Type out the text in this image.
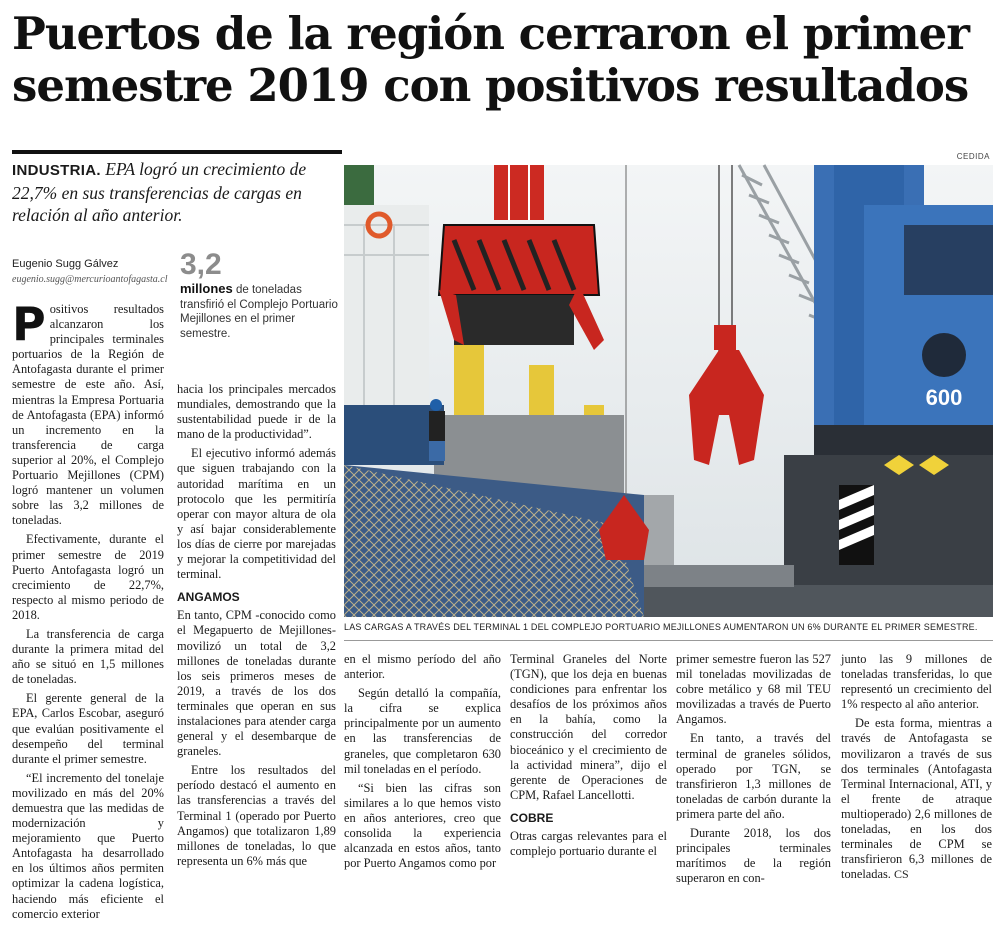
Puertos de la región cerraron el primer
semestre 2019 con positivos resultados
INDUSTRIA. EPA logró un crecimiento de 22,7% en sus transferencias de cargas en relación al año anterior.
CEDIDA
Eugenio Sugg Gálvez
eugenio.sugg@mercurioantofagasta.cl 3,2
millones de toneladas transfirió el Complejo Portuario Mejillones en el primer semestre.
600
LAS CARGAS A TRAVÉS DEL TERMINAL 1 DEL COMPLEJO PORTUARIO MEJILLONES AUMENTARON UN 6% DURANTE EL PRIMER SEMESTRE.

Positivos resultados alcanzaron los principales terminales portuarios de la Región de Antofagasta durante el primer semestre de este año. Así, mientras la Empresa Portuaria de Antofagasta (EPA) informó un incremento en la transferencia de carga superior al 20%, el Complejo Portuario Mejillones (CPM) logró mantener un volumen sobre las 3,2 millones de toneladas.

Efectivamente, durante el primer semestre de 2019 Puerto Antofagasta logró un crecimiento de 22,7%, respecto al mismo periodo de 2018.

La transferencia de carga durante la primera mitad del año se situó en 1,5 millones de toneladas.

El gerente general de la EPA, Carlos Escobar, aseguró que evalúan positivamente el desempeño del terminal durante el primer semestre.

“El incremento del tonelaje movilizado en más del 20% demuestra que las medidas de modernización y mejoramiento que Puerto Antofagasta ha desarrollado en los últimos años permiten optimizar la cadena logística, haciendo más eficiente el comercio exterior

hacia los principales mercados mundiales, demostrando que la sustentabilidad puede ir de la mano de la productividad”.

El ejecutivo informó además que siguen trabajando con la autoridad marítima en un protocolo que les permitiría operar con mayor altura de ola y así bajar considerablemente los días de cierre por marejadas y mejorar la competitividad del terminal.

ANGAMOS

En tanto, CPM -conocido como el Megapuerto de Mejillones- movilizó un total de 3,2 millones de toneladas durante los seis primeros meses de 2019, a través de los dos terminales que operan en sus instalaciones para atender carga general y el desembarque de graneles.

Entre los resultados del período destacó el aumento en las transferencias a través del Terminal 1 (operado por Puerto Angamos) que totalizaron 1,89 millones de toneladas, lo que representa un 6% más que

en el mismo período del año anterior.

Según detalló la compañía, la cifra se explica principalmente por un aumento en las transferencias de graneles, que completaron 630 mil toneladas en el período.

“Si bien las cifras son similares a lo que hemos visto en años anteriores, creo que consolida la experiencia alcanzada en estos años, tanto por Puerto Angamos como por

Terminal Graneles del Norte (TGN), que los deja en buenas condiciones para enfrentar los desafíos de los próximos años en la bahía, como la construcción del corredor bioceánico y el crecimiento de la actividad minera”, dijo el gerente de Operaciones de CPM, Rafael Lancellotti.

COBRE

Otras cargas relevantes para el complejo portuario durante el

primer semestre fueron las 527 mil toneladas movilizadas de cobre metálico y 68 mil TEU movilizadas a través de Puerto Angamos.

En tanto, a través del terminal de graneles sólidos, operado por TGN, se transfirieron 1,3 millones de toneladas de carbón durante la primera parte del año.

Durante 2018, los dos principales terminales marítimos de la región superaron en con-

junto las 9 millones de toneladas transferidas, lo que representó un crecimiento del 1% respecto al año anterior.

De esta forma, mientras a través de Antofagasta se movilizaron a través de sus dos terminales (Antofagasta Terminal Internacional, ATI, y el frente de atraque multioperado) 2,6 millones de toneladas, en los dos terminales de CPM se transfirieron 6,3 millones de toneladas. CS
